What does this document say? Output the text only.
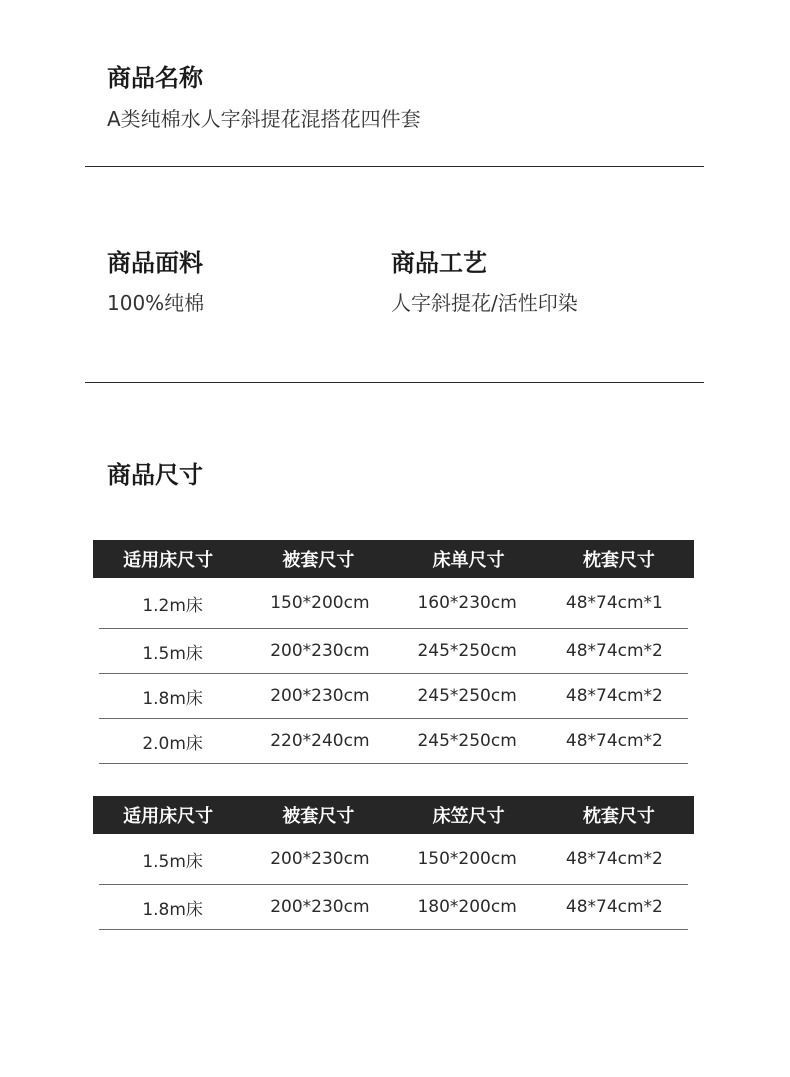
商品名称
A类纯棉水人字斜提花混搭花四件套
商品面料
100%纯棉
商品工艺
人字斜提花/活性印染
商品尺寸
适用床尺寸	被套尺寸	床单尺寸	枕套尺寸
1.2m床	150*200cm	160*230cm	48*74cm*1
1.5m床	200*230cm	245*250cm	48*74cm*2
1.8m床	200*230cm	245*250cm	48*74cm*2
2.0m床	220*240cm	245*250cm	48*74cm*2
适用床尺寸	被套尺寸	床笠尺寸	枕套尺寸
1.5m床	200*230cm	150*200cm	48*74cm*2
1.8m床	200*230cm	180*200cm	48*74cm*2
